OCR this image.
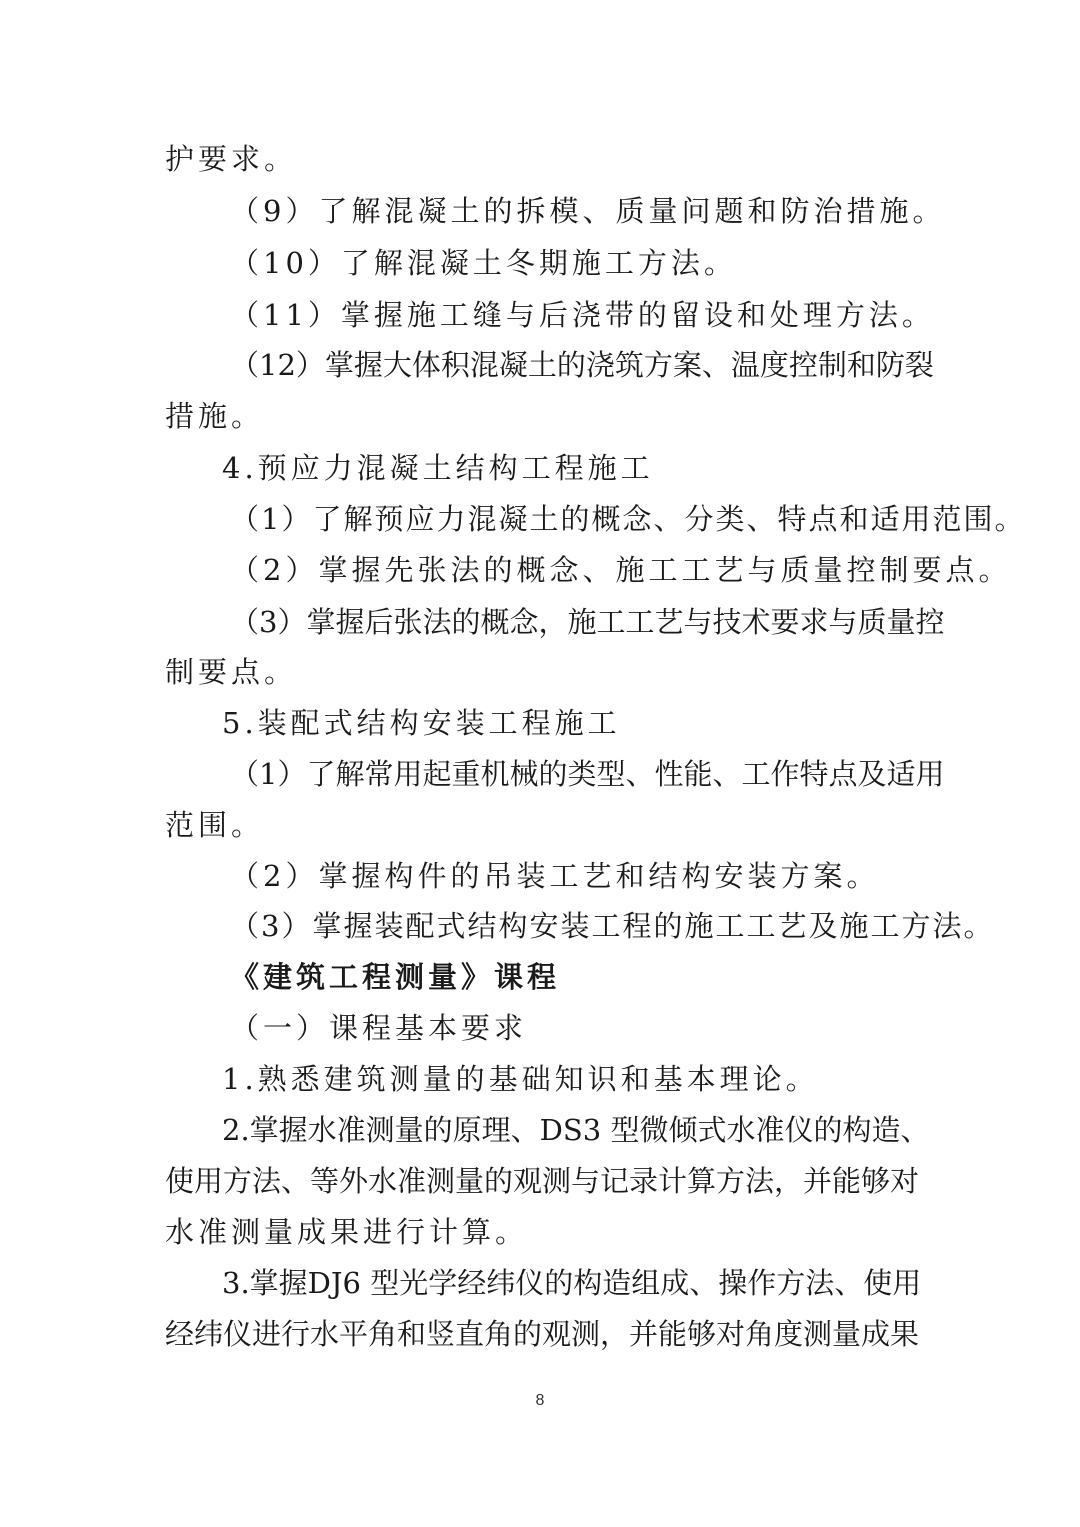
护要求。
（9）了解混凝土的拆模、质量问题和防治措施。
（10）了解混凝土冬期施工方法。
（11）掌握施工缝与后浇带的留设和处理方法。
（12）掌握大体积混凝土的浇筑方案、温度控制和防裂
措施。
4.预应力混凝土结构工程施工
（1）了解预应力混凝土的概念、分类、特点和适用范围。
（2）掌握先张法的概念、施工工艺与质量控制要点。
（3）掌握后张法的概念，施工工艺与技术要求与质量控
制要点。
5.装配式结构安装工程施工
（1）了解常用起重机械的类型、性能、工作特点及适用
范围。
（2）掌握构件的吊装工艺和结构安装方案。
（3）掌握装配式结构安装工程的施工工艺及施工方法。
《建筑工程测量》课程
（一）课程基本要求
1.熟悉建筑测量的基础知识和基本理论。
2.掌握水准测量的原理、DS3 型微倾式水准仪的构造、
使用方法、等外水准测量的观测与记录计算方法，并能够对
水准测量成果进行计算。
3.掌握DJ6 型光学经纬仪的构造组成、操作方法、使用
经纬仪进行水平角和竖直角的观测，并能够对角度测量成果
8
